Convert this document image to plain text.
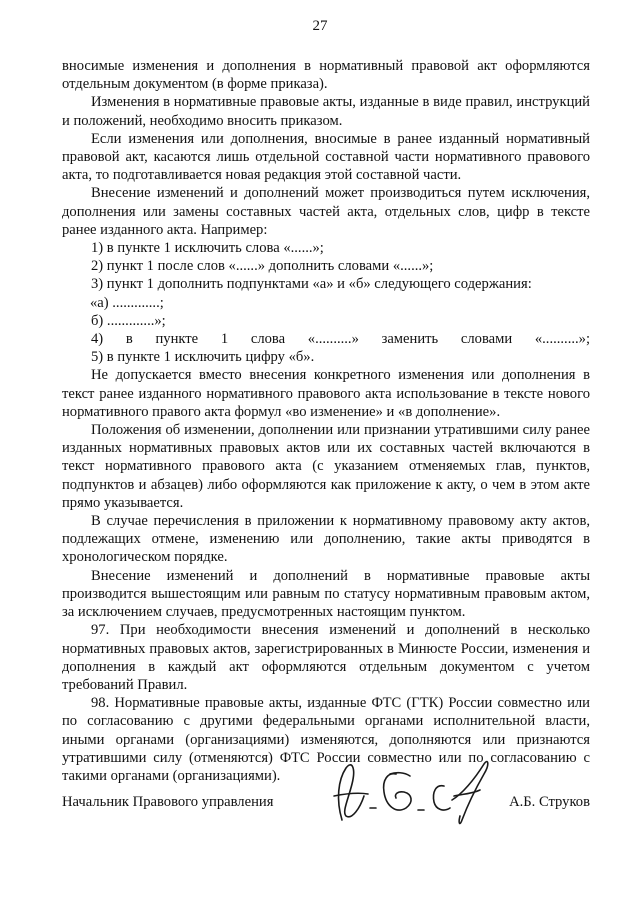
27

вносимые изменения и дополнения в нормативный правовой акт оформляются отдельным документом (в форме приказа).

Изменения в нормативные правовые акты, изданные в виде правил, инструкций и положений, необходимо вносить приказом.

Если изменения или дополнения, вносимые в ранее изданный нормативный правовой акт, касаются лишь отдельной составной части нормативного правового акта, то подготавливается новая редакция этой составной части.

Внесение изменений и дополнений может производиться путем исключения, дополнения или замены составных частей акта, отдельных слов, цифр в тексте ранее изданного акта. Например:

1) в пункте 1 исключить слова «......»;

2) пункт 1 после слов «......» дополнить словами «......»;

3) пункт 1 дополнить подпунктами «а» и «б» следующего содержания:

«а) .............;

б) .............»;

4) в пункте 1 слова «..........» заменить словами «..........»;

5) в пункте 1 исключить цифру «б».

Не допускается вместо внесения конкретного изменения или дополнения в текст ранее изданного нормативного правового акта использование в тексте нового нормативного правого акта формул «во изменение» и «в дополнение».

Положения об изменении, дополнении или признании утратившими силу ранее изданных нормативных правовых актов или их составных частей включаются в текст нормативного правового акта (с указанием отменяемых глав, пунктов, подпунктов и абзацев) либо оформляются как приложение к акту, о чем в этом акте прямо указывается.

В случае перечисления в приложении к нормативному правовому акту актов, подлежащих отмене, изменению или дополнению, такие акты приводятся в хронологическом порядке.

Внесение изменений и дополнений в нормативные правовые акты производится вышестоящим или равным по статусу нормативным правовым актом, за исключением случаев, предусмотренных настоящим пунктом.

97. При необходимости внесения изменений и дополнений в несколько нормативных правовых актов, зарегистрированных в Минюсте России, изменения и дополнения в каждый акт оформляются отдельным документом с учетом требований Правил.

98. Нормативные правовые акты, изданные ФТС (ГТК) России совместно или по согласованию с другими федеральными органами исполнительной власти, иными органами (организациями) изменяются, дополняются или признаются утратившими силу (отменяются) ФТС России совместно или по согласованию с такими органами (организациями).

Начальник Правового управления	А.Б. Струков
